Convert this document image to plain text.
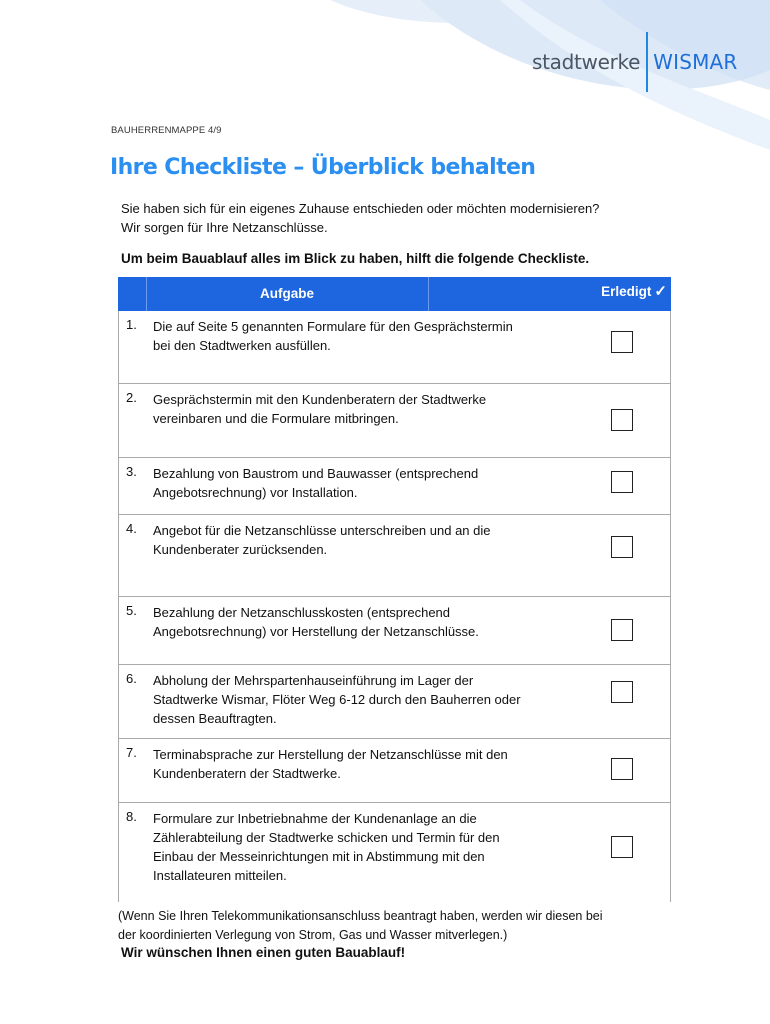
stadtwerke WISMAR
BAUHERRENMAPPE 4/9
Ihre Checkliste – Überblick behalten
Sie haben sich für ein eigenes Zuhause entschieden oder möchten modernisieren?
Wir sorgen für Ihre Netzanschlüsse.
Um beim Bauablauf alles im Blick zu haben, hilft die folgende Checkliste.
Aufgabe	Erledigt ✓
1. Die auf Seite 5 genannten Formulare für den Gesprächstermin
bei den Stadtwerken ausfüllen.
2. Gesprächstermin mit den Kundenberatern der Stadtwerke
vereinbaren und die Formulare mitbringen.
3. Bezahlung von Baustrom und Bauwasser (entsprechend
Angebotsrechnung) vor Installation.
4. Angebot für die Netzanschlüsse unterschreiben und an die
Kundenberater zurücksenden.
5. Bezahlung der Netzanschlusskosten (entsprechend
Angebotsrechnung) vor Herstellung der Netzanschlüsse.
6. Abholung der Mehrspartenhauseinführung im Lager der
Stadtwerke Wismar, Flöter Weg 6-12 durch den Bauherren oder
dessen Beauftragten.
7. Terminabsprache zur Herstellung der Netzanschlüsse mit den
Kundenberatern der Stadtwerke.
8. Formulare zur Inbetriebnahme der Kundenanlage an die
Zählerabteilung der Stadtwerke schicken und Termin für den
Einbau der Messeinrichtungen mit in Abstimmung mit den
Installateuren mitteilen.
(Wenn Sie Ihren Telekommunikationsanschluss beantragt haben, werden wir diesen bei
der koordinierten Verlegung von Strom, Gas und Wasser mitverlegen.)
Wir wünschen Ihnen einen guten Bauablauf!
